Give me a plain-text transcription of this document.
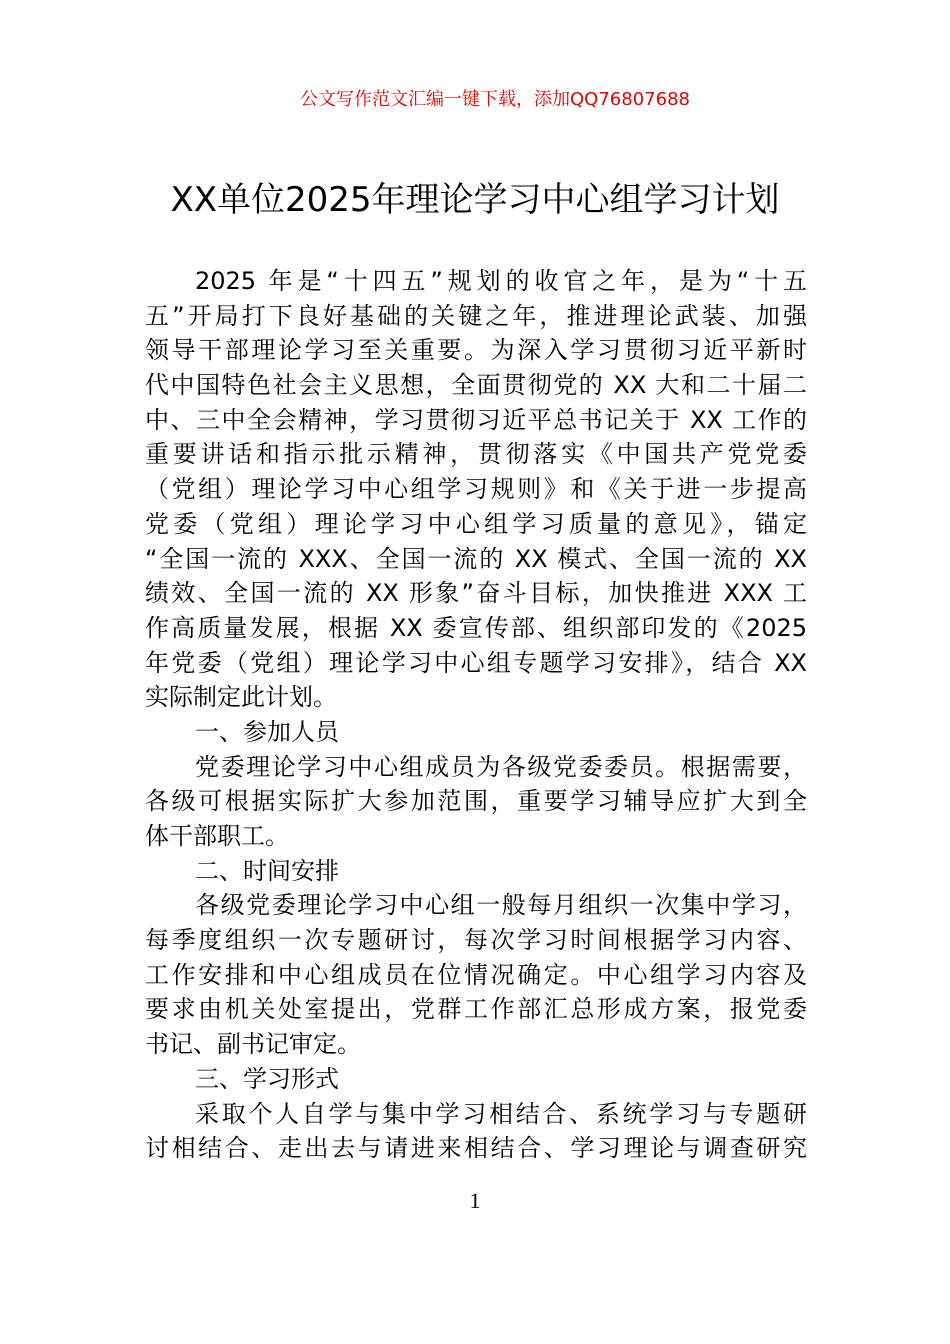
公文写作范文汇编一键下载，添加QQ76807688
XX单位2025年理论学习中心组学习计划
2025 年是“十四五”规划的收官之年，是为“十五
五”开局打下良好基础的关键之年，推进理论武装、加强
领导干部理论学习至关重要。为深入学习贯彻习近平新时
代中国特色社会主义思想，全面贯彻党的 XX 大和二十届二
中、三中全会精神，学习贯彻习近平总书记关于 XX 工作的
重要讲话和指示批示精神，贯彻落实《中国共产党党委
（党组）理论学习中心组学习规则》和《关于进一步提高
党委（党组）理论学习中心组学习质量的意见》，锚定
“全国一流的 XXX、全国一流的 XX 模式、全国一流的 XX
绩效、全国一流的 XX 形象”奋斗目标，加快推进 XXX 工
作高质量发展，根据 XX 委宣传部、组织部印发的《2025
年党委（党组）理论学习中心组专题学习安排》，结合 XX
实际制定此计划。
一、参加人员
党委理论学习中心组成员为各级党委委员。根据需要，
各级可根据实际扩大参加范围，重要学习辅导应扩大到全
体干部职工。
二、时间安排
各级党委理论学习中心组一般每月组织一次集中学习，
每季度组织一次专题研讨，每次学习时间根据学习内容、
工作安排和中心组成员在位情况确定。中心组学习内容及
要求由机关处室提出，党群工作部汇总形成方案，报党委
书记、副书记审定。
三、学习形式
采取个人自学与集中学习相结合、系统学习与专题研
讨相结合、走出去与请进来相结合、学习理论与调查研究
1
